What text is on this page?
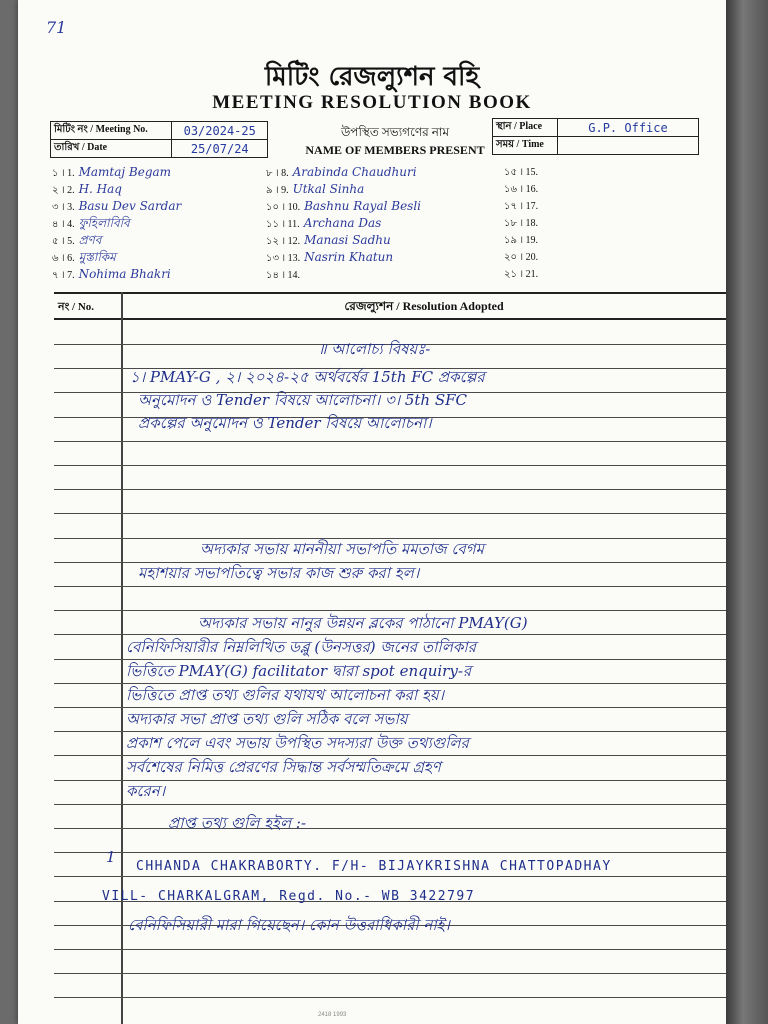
71
মিটিং রেজল্যুশন বহি
MEETING RESOLUTION BOOK
মিটিং নং / Meeting No.	03/2024-25
তারিখ / Date	25/07/24
উপস্থিত সভ্যগণের নাম
NAME OF MEMBERS PRESENT
স্থান / Place	G.P. Office
সময় / Time	
১ । 1. Mamtaj Begam
২ । 2. H. Haq
৩ । 3. Basu Dev Sardar
৪ । 4. ফুহিলাবিবি
৫ । 5. প্রণব
৬ । 6. মুস্তাকিম
৭ । 7. Nohima Bhakri
৮ । 8. Arabinda Chaudhuri
৯ । 9. Utkal Sinha
১০ । 10. Bashnu Rayal Besli
১১ । 11. Archana Das
১২ । 12. Manasi Sadhu
১৩ । 13. Nasrin Khatun
১৪ । 14.
১৫ । 15.
১৬ । 16.
১৭ । 17.
১৮ । 18.
১৯ । 19.
২০ । 20.
২১ । 21.
নং / No.	রেজল্যুশন / Resolution Adopted
॥ আলোচ্য বিষয়ঃ-
১। PMAY-G , ২। ২০২৪-২৫ অর্থবর্ষের 15th FC প্রকল্পের
অনুমোদন ও Tender বিষয়ে আলোচনা। ৩। 5th SFC
প্রকল্পের অনুমোদন ও Tender বিষয়ে আলোচনা।
অদ্যকার সভায় মাননীয়া সভাপতি মমতাজ বেগম
মহাশয়ার সভাপতিত্বে সভার কাজ শুরু করা হল।
অদ্যকার সভায় নানুর উন্নয়ন ব্লকের পাঠানো PMAY(G)
বেনিফিসিয়ারীর নিম্নলিখিত ডব্লু (উনসত্তর) জনের তালিকার
ভিত্তিতে PMAY(G) facilitator দ্বারা spot enquiry-র
ভিত্তিতে প্রাপ্ত তথ্য গুলির যথাযথ আলোচনা করা হয়।
অদ্যকার সভা প্রাপ্ত তথ্য গুলি সঠিক বলে সভায়
প্রকাশ পেলে এবং সভায় উপস্থিত সদস্যরা উক্ত তথ্যগুলির
সর্বশেষের নিমিত্ত প্রেরণের সিদ্ধান্ত সর্বসম্মতিক্রমে গ্রহণ
করেন।
প্রাপ্ত তথ্য গুলি হইল :-
1
CHHANDA CHAKRABORTY. F/H- BIJAYKRISHNA CHATTOPADHAY
VILL- CHARKALGRAM, Regd. No.- WB 3422797
বেনিফিসিয়ারী মারা গিয়েছেন। কোন উত্তরাধিকারী নাই।
2418 1993
